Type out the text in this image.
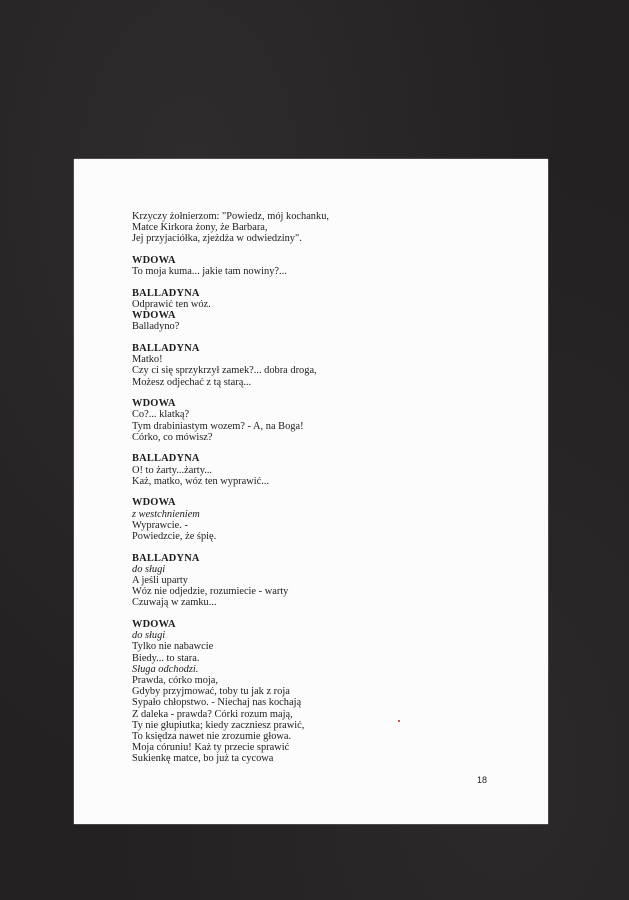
Krzyczy żołnierzom: "Powiedz, mój kochanku,
Matce Kirkora żony, że Barbara,
Jej przyjaciółka, zjeżdża w odwiedziny".
WDOWA
To moja kuma... jakie tam nowiny?...
BALLADYNA
Odprawić ten wóz.
WDOWA
Balladyno?
BALLADYNA
Matko!
Czy ci się sprzykrzył zamek?... dobra droga,
Możesz odjechać z tą starą...
WDOWA
Co?... klatką?
Tym drabiniastym wozem? - A, na Boga!
Córko, co mówisz?
BALLADYNA
O! to żarty...żarty...
Każ, matko, wóz ten wyprawić...
WDOWA
z westchnieniem
Wyprawcie. -
Powiedzcie, że śpię.
BALLADYNA
do sługi
A jeśli uparty
Wóz nie odjedzie, rozumiecie - warty
Czuwają w zamku...
WDOWA
do sługi
Tylko nie nabawcie
Biedy... to stara.
Sługa odchodzi.
Prawda, córko moja,
Gdyby przyjmować, toby tu jak z roja
Sypało chłopstwo. - Niechaj nas kochają
Z daleka - prawda? Córki rozum mają,
Ty nie głupiutka; kiedy zaczniesz prawić,
To księdza nawet nie zrozumie głowa.
Moja córuniu! Każ ty przecie sprawić
Sukienkę matce, bo już ta cycowa
18
